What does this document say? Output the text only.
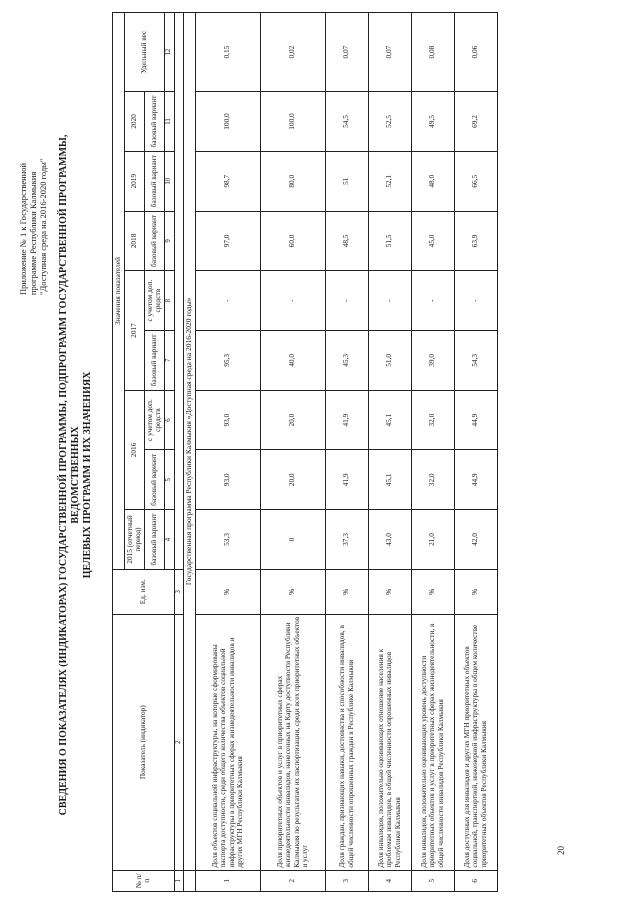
Приложение № 1 к Государственной программе Республики Калмыкия "Доступная среда на 2016-2020 годы" СВЕДЕНИЯ О ПОКАЗАТЕЛЯХ (ИНДИКАТОРАХ) ГОСУДАРСТВЕННОЙ ПРОГРАММЫ, ПОДПРОГРАММ ГОСУДАРСТВЕННОЙ ПРОГРАММЫ, ВЕДОМСТВЕННЫХ ЦЕЛЕВЫХ ПРОГРАММ И ИХ ЗНАЧЕНИЯХ
№ п/п	Показатель (индикатор)	Ед. изм.	Значения показателей								
			2015 (отчетный период)	2016		2017		2018	2019	2020	Удельный вес
			базовый вариант	базовый вариант	с учетом доп. средств	базовый вариант	с учетом доп. средств	базовый вариант	базовый вариант	базовый вариант	
			4	5	6	7	8	9	10	11	12
1	2	3									
	Государственная программа Республики Калмыкия «Доступная среда на 2016-2020 годы»										
1	Доля объектов социальной инфраструктуры, на которые сформированы паспорта доступности, среди общего количества объектов социальной инфраструктуры в приоритетных сферах жизнедеятельности инвалидов и других МГН Республики Калмыкия	%	53,3	93,0	93,0	95,3	-	97,0	98,7	100,0	0,15
2	Доля приоритетных объектов и услуг в приоритетных сферах жизнедеятельности инвалидов, нанесенных на Карту доступности Республики Калмыкия по результатам их паспортизации, среди всех приоритетных объектов и услуг	%	0	20,0	20,0	40,0	-	60,0	80,0	100,0	0,02
3	Доля граждан, признающих навыки, достоинства и способности инвалидов, в общей численности опрошенных граждан в Республике Калмыкия	%	37,3	41,9	41,9	45,3	-	48,5	51	54,5	0,07
4	Доля инвалидов, положительно оценивающих отношение населения к проблемам инвалидов, в общей численности опрошенных инвалидов Республики Калмыкия	%	43,0	45,1	45,1	51,0	-	51,5	52,1	52,5	0,07
5	Доля инвалидов, положительно оценивающих уровень доступности приоритетных объектов и услуг в приоритетных сферах жизнедеятельности, в общей численности инвалидов Республики Калмыкия	%	21,0	32,0	32,0	39,0	-	45,0	48,0	49,5	0,08
6	Доля доступных для инвалидов и других МГН приоритетных объектов социальной, транспортной, инженерной инфраструктуры в общем количестве приоритетных объектов Республики Калмыкия	%	42,0	44,9	44,9	54,3	-	63,9	66,5	69,2	0,06
20
